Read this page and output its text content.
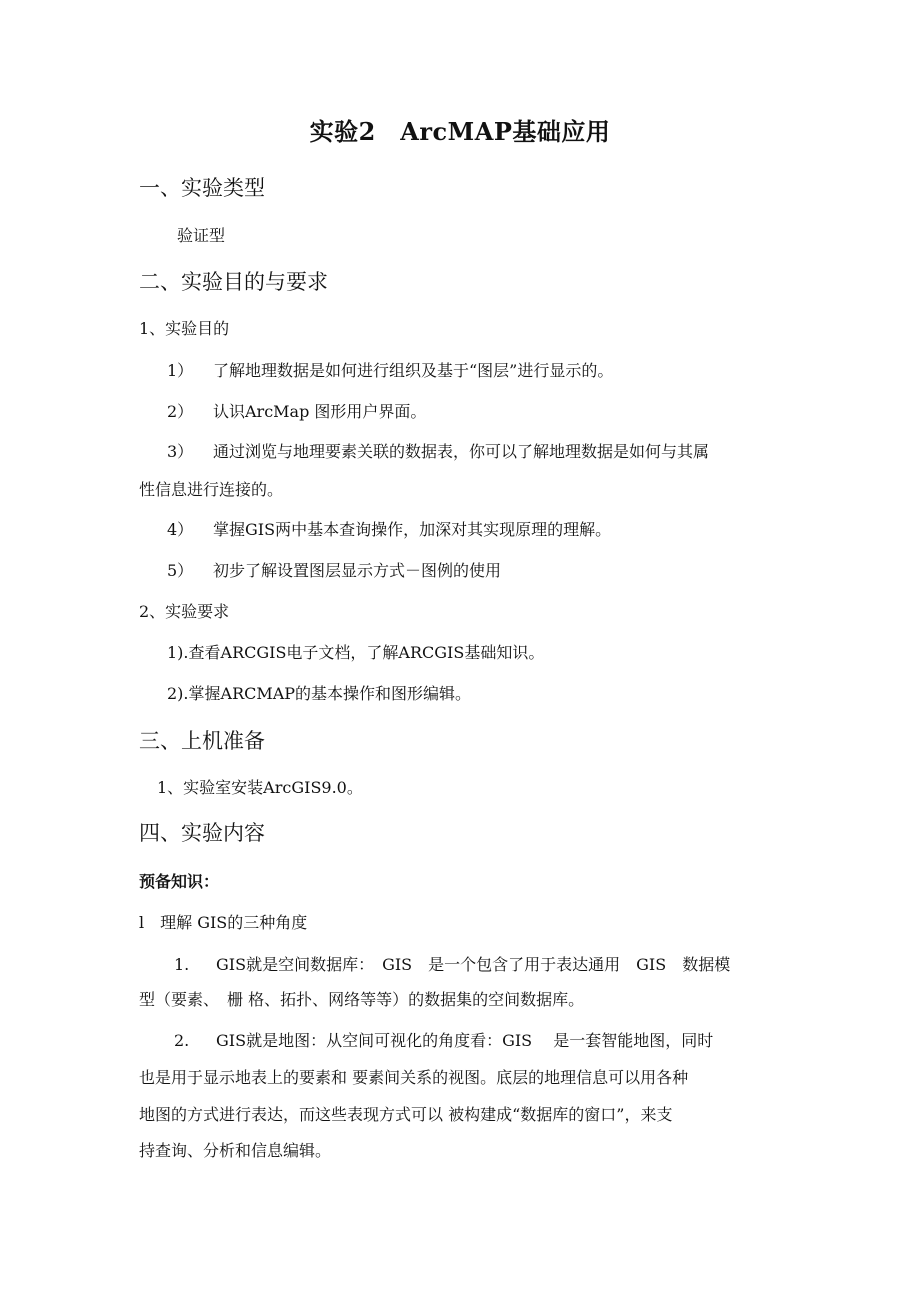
实验2　ArcMAP基础应用
一、实验类型
验证型
二、实验目的与要求
1、实验目的
1） 了解地理数据是如何进行组织及基于“图层”进行显示的。
2） 认识ArcMap 图形用户界面。
3） 通过浏览与地理要素关联的数据表，你可以了解地理数据是如何与其属
性信息进行连接的。
4） 掌握GIS两中基本查询操作，加深对其实现原理的理解。
5） 初步了解设置图层显示方式－图例的使用
2、实验要求
1).查看ARCGIS电子文档，了解ARCGIS基础知识。
2).掌握ARCMAP的基本操作和图形编辑。
三、上机准备
1、实验室安装ArcGIS9.0。
四、实验内容
预备知识：
l　理解 GIS的三种角度
1. GIS就是空间数据库：　GIS　是一个包含了用于表达通用　GIS　数据模
型（要素、　栅 格、拓扑、网络等等）的数据集的空间数据库。
2. GIS就是地图：从空间可视化的角度看：GIS　 是一套智能地图，同时
也是用于显示地表上的要素和 要素间关系的视图。底层的地理信息可以用各种
地图的方式进行表达，而这些表现方式可以 被构建成“数据库的窗口”，来支
持查询、分析和信息编辑。
